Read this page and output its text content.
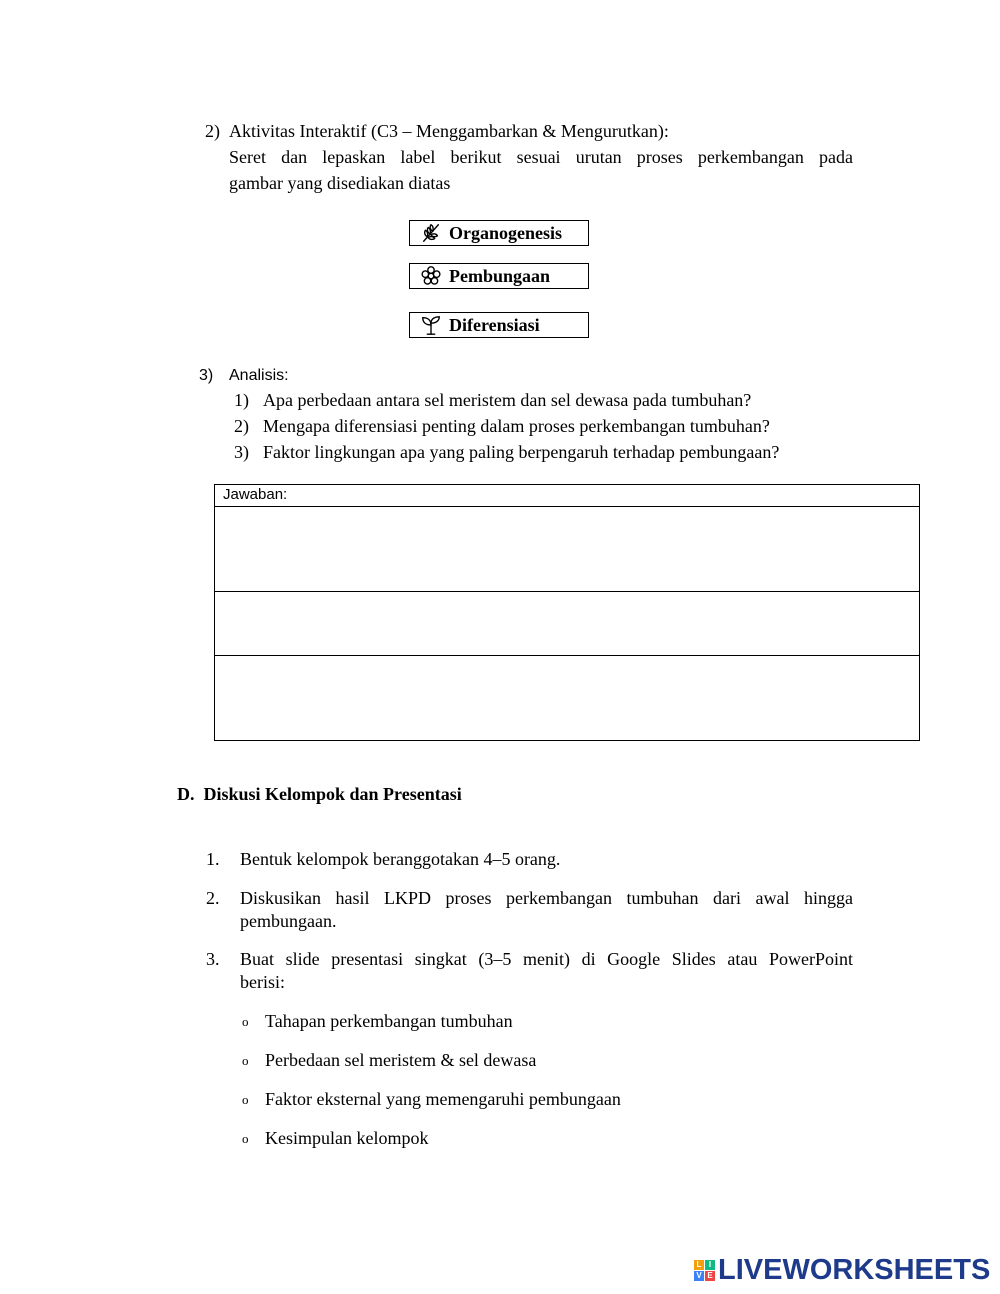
2) Aktivitas Interaktif (C3 – Menggambarkan & Mengurutkan):
Seret dan lepaskan label berikut sesuai urutan proses perkembangan pada
gambar yang disediakan diatas
Organogenesis
Pembungaan
Diferensiasi
3) Analisis:
1) Apa perbedaan antara sel meristem dan sel dewasa pada tumbuhan?
2) Mengapa diferensiasi penting dalam proses perkembangan tumbuhan?
3) Faktor lingkungan apa yang paling berpengaruh terhadap pembungaan?
Jawaban:

D.  Diskusi Kelompok dan Presentasi
1. Bentuk kelompok beranggotakan 4–5 orang.
2. Diskusikan hasil LKPD proses perkembangan tumbuhan dari awal hingga
pembungaan.
3. Buat slide presentasi singkat (3–5 menit) di Google Slides atau PowerPoint
berisi:
o Tahapan perkembangan tumbuhan
o Perbedaan sel meristem & sel dewasa
o Faktor eksternal yang memengaruhi pembungaan
o Kesimpulan kelompok
L I
V E LIVEWORKSHEETS
